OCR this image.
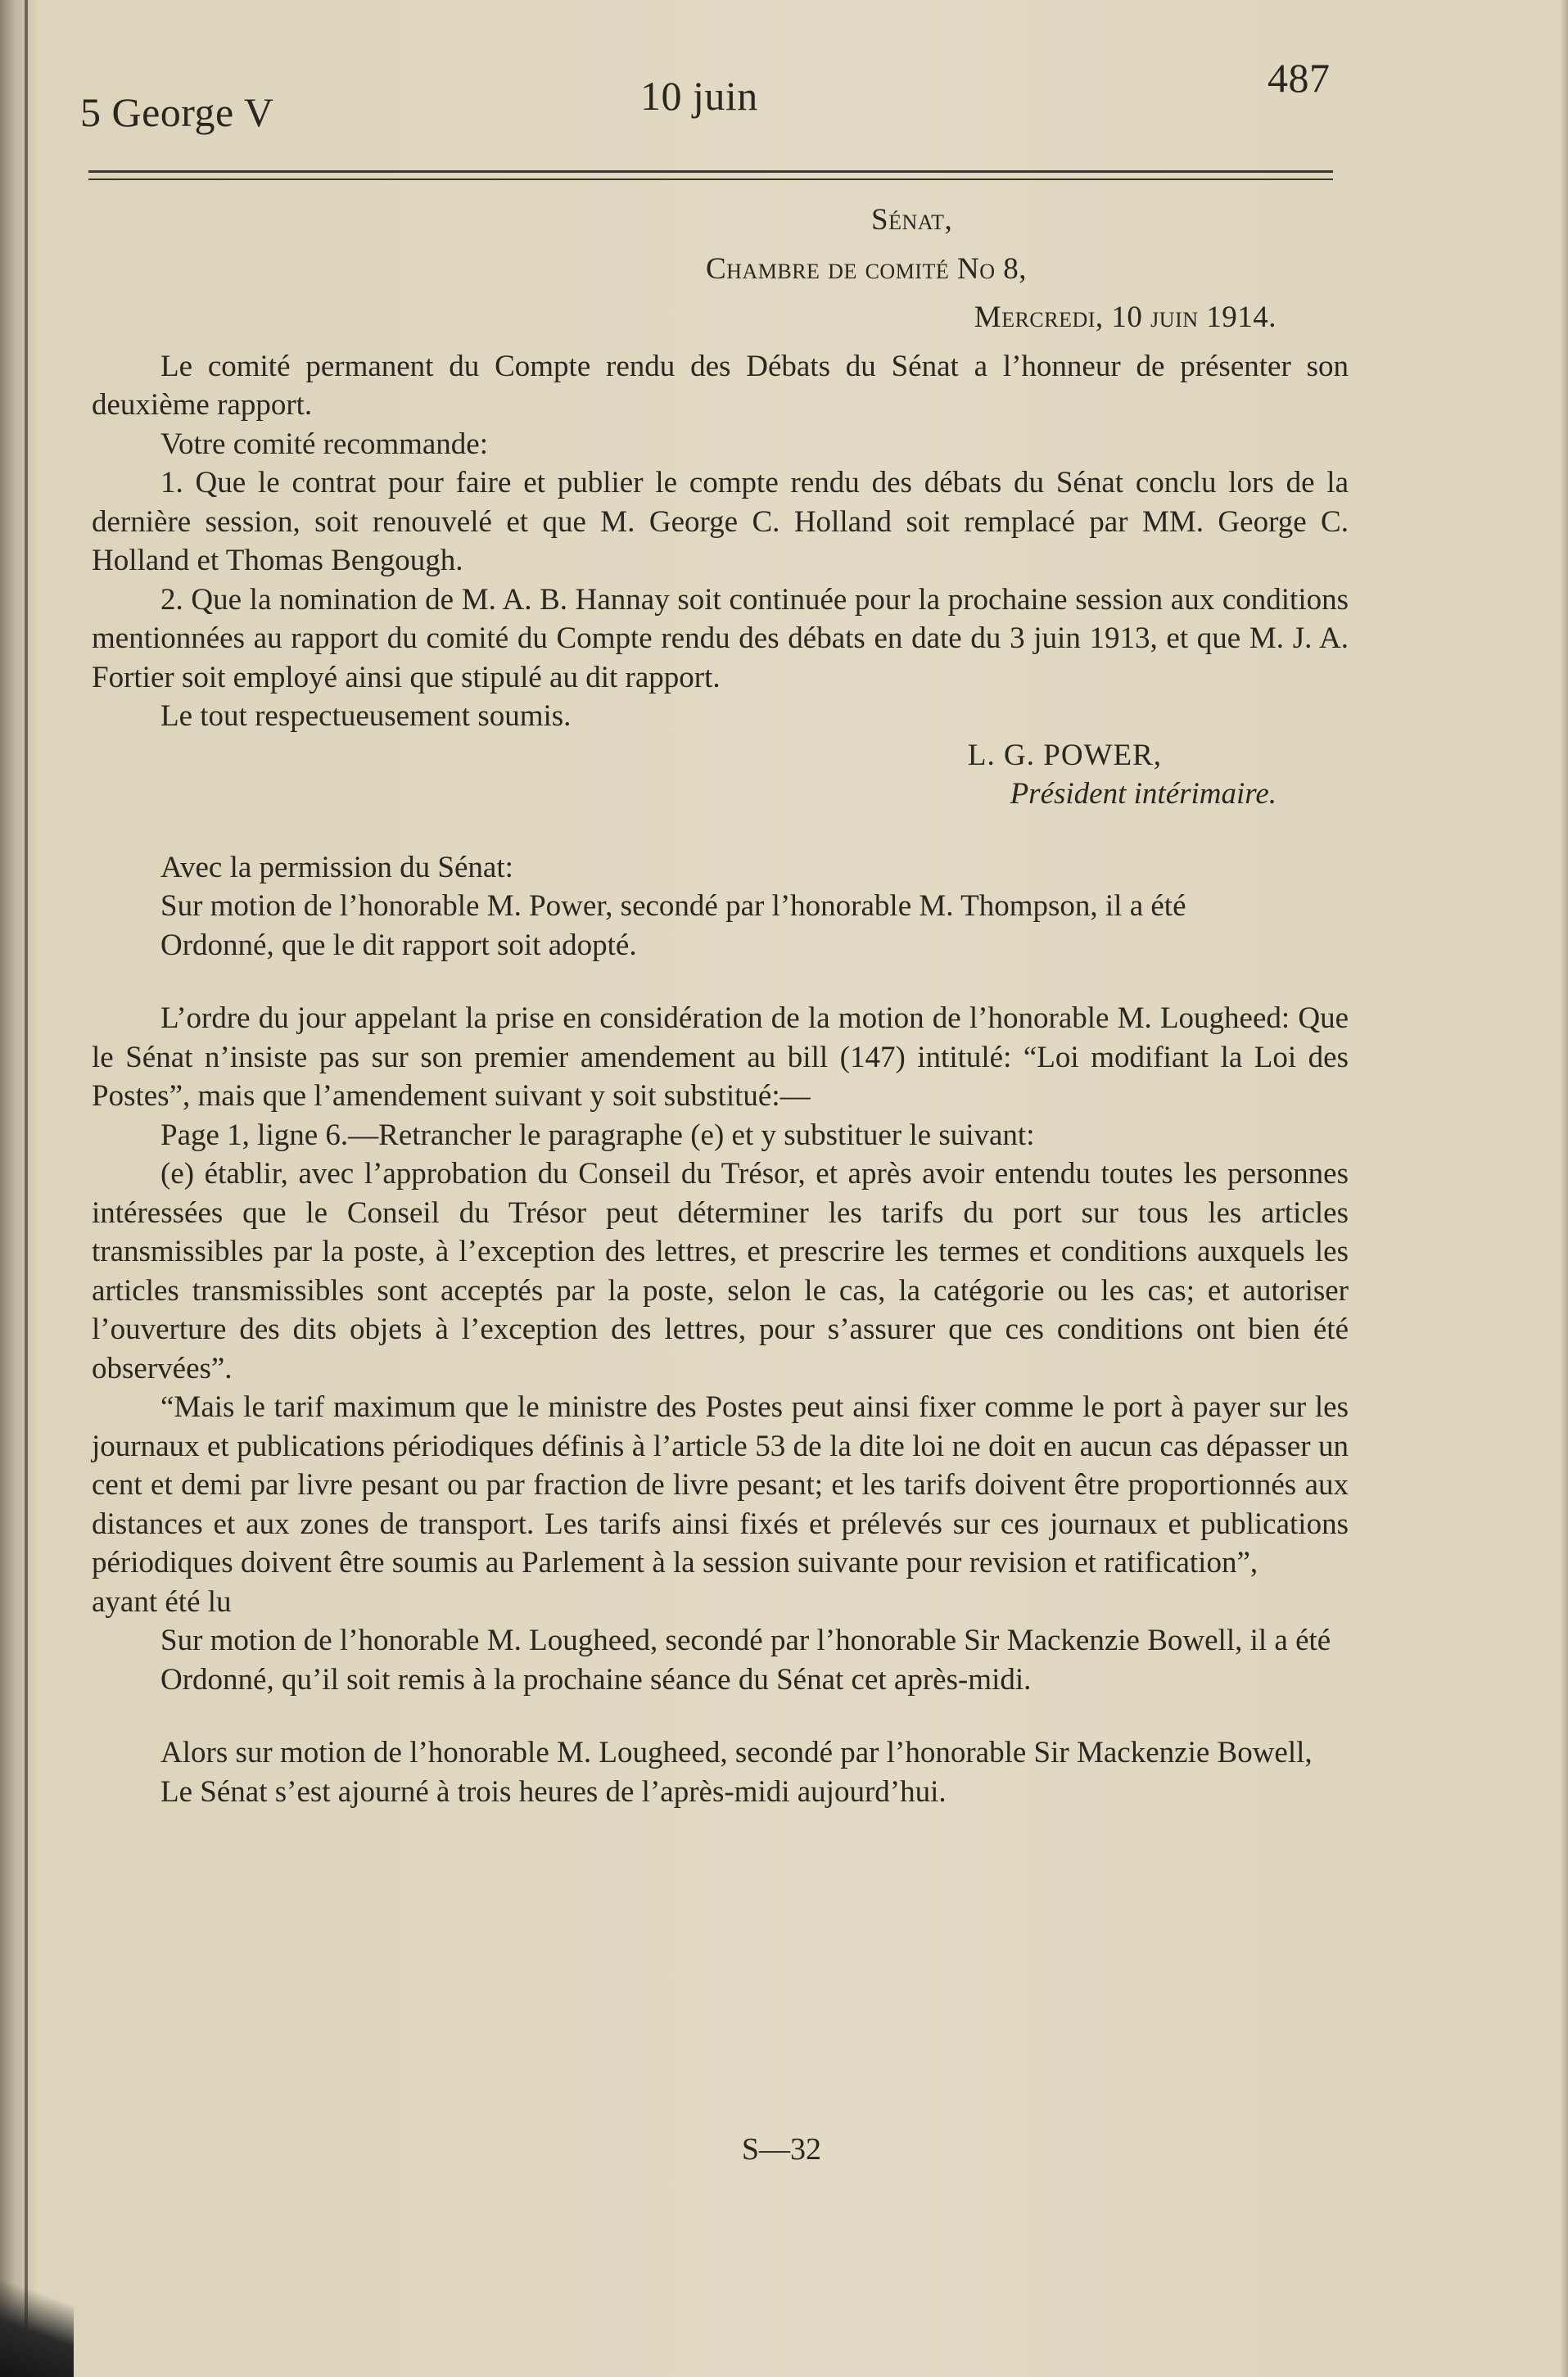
5 George V	10 juin	487

Sénat,

Chambre de comité No 8,

Mercredi, 10 juin 1914.

Le comité permanent du Compte rendu des Débats du Sénat a l’honneur de présenter son deuxième rapport.

Votre comité recommande:

1. Que le contrat pour faire et publier le compte rendu des débats du Sénat conclu lors de la dernière session, soit renouvelé et que M. George C. Holland soit remplacé par MM. George C. Holland et Thomas Bengough.

2. Que la nomination de M. A. B. Hannay soit continuée pour la prochaine session aux conditions mentionnées au rapport du comité du Compte rendu des débats en date du 3 juin 1913, et que M. J. A. Fortier soit employé ainsi que stipulé au dit rapport.

Le tout respectueusement soumis.

L. G. POWER,

Président intérimaire.

Avec la permission du Sénat:

Sur motion de l’honorable M. Power, secondé par l’honorable M. Thompson, il a été

Ordonné, que le dit rapport soit adopté.

L’ordre du jour appelant la prise en considération de la motion de l’honorable M. Lougheed: Que le Sénat n’insiste pas sur son premier amendement au bill (147) intitulé: “Loi modifiant la Loi des Postes”, mais que l’amendement suivant y soit substitué:—

Page 1, ligne 6.—Retrancher le paragraphe (e) et y substituer le suivant:

(e) établir, avec l’approbation du Conseil du Trésor, et après avoir entendu toutes les personnes intéressées que le Conseil du Trésor peut déterminer les tarifs du port sur tous les articles transmissibles par la poste, à l’exception des lettres, et prescrire les termes et conditions auxquels les articles transmissibles sont acceptés par la poste, selon le cas, la catégorie ou les cas; et autoriser l’ouverture des dits objets à l’exception des lettres, pour s’assurer que ces conditions ont bien été observées”.

“Mais le tarif maximum que le ministre des Postes peut ainsi fixer comme le port à payer sur les journaux et publications périodiques définis à l’article 53 de la dite loi ne doit en aucun cas dépasser un cent et demi par livre pesant ou par fraction de livre pesant; et les tarifs doivent être proportionnés aux distances et aux zones de transport. Les tarifs ainsi fixés et prélevés sur ces journaux et publications périodiques doivent être soumis au Parlement à la session suivante pour revision et ratification”,

ayant été lu

Sur motion de l’honorable M. Lougheed, secondé par l’honorable Sir Mackenzie Bowell, il a été

Ordonné, qu’il soit remis à la prochaine séance du Sénat cet après-midi.

Alors sur motion de l’honorable M. Lougheed, secondé par l’honorable Sir Mackenzie Bowell,

Le Sénat s’est ajourné à trois heures de l’après-midi aujourd’hui.

S—32
